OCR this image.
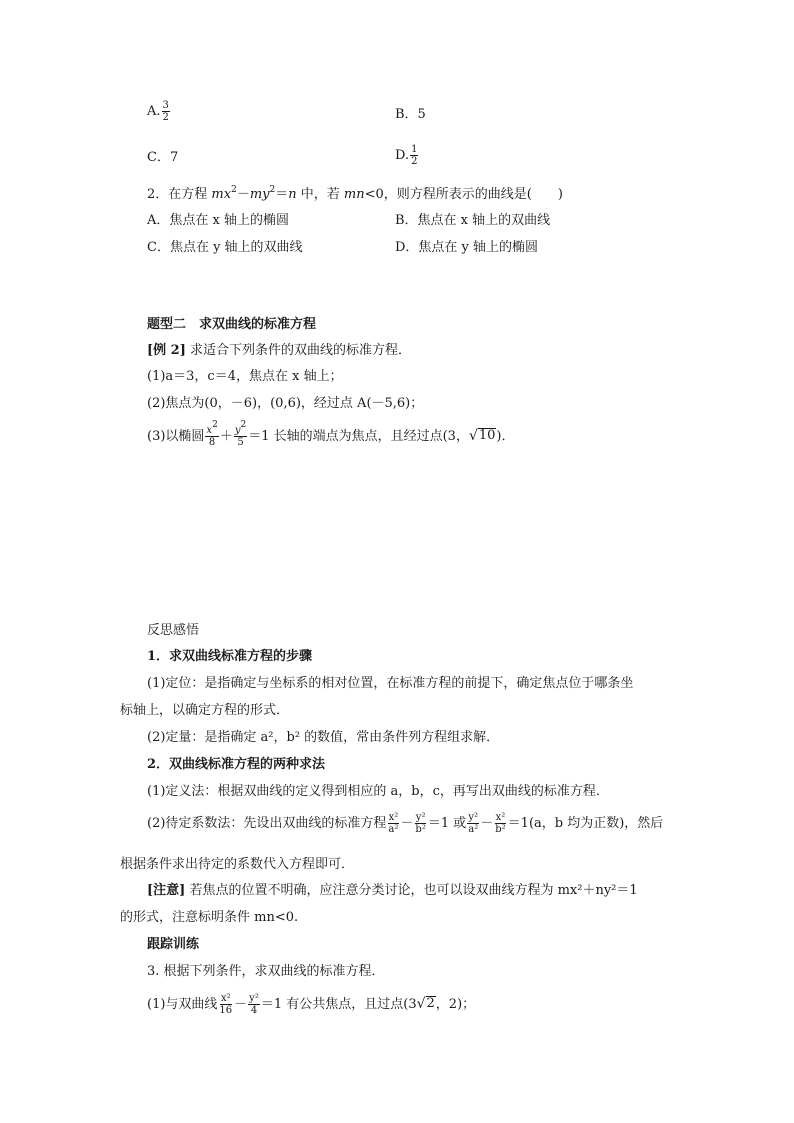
A. $\frac{3}{2}$	B．5
C．7	D. $\frac{1}{2}$
2．在方程 $mx^2-my^2=n$ 中，若 mn<0，则方程所表示的曲线是(　　)
A．焦点在 x 轴上的椭圆	B．焦点在 x 轴上的双曲线
C．焦点在 y 轴上的双曲线	D．焦点在 y 轴上的椭圆
题型二　求双曲线的标准方程
[例 2] 求适合下列条件的双曲线的标准方程．
(1)a＝3，c＝4，焦点在 x 轴上；
(2)焦点为(0，－6)，(0,6)，经过点 A(－5,6)；
(3)以椭圆 $\frac{x^2}{8} + \frac{y^2}{5} =1$ 长轴的端点为焦点，且经过点(3， √ 10 )．
反思感悟
1．求双曲线标准方程的步骤
(1)定位：是指确定与坐标系的相对位置，在标准方程的前提下，确定焦点位于哪条坐
标轴上，以确定方程的形式．
(2)定量：是指确定 a²，b² 的数值，常由条件列方程组求解．
2．双曲线标准方程的两种求法
(1)定义法：根据双曲线的定义得到相应的 a，b，c，再写出双曲线的标准方程．
(2)待定系数法：先设出双曲线的标准方程 $\frac{\text{x²}}{\text{a²}} - \frac{\text{y²}}{\text{b²}} =1$ 或 $\frac{\text{y²}}{\text{a²}} - \frac{\text{x²}}{\text{b²}} =1(a$，b 均为正数)，然后
根据条件求出待定的系数代入方程即可．
[注意] 若焦点的位置不明确，应注意分类讨论，也可以设双曲线方程为 mx²＋ny²＝1
的形式，注意标明条件 mn<0.
跟踪训练
3. 根据下列条件，求双曲线的标准方程．
(1)与双曲线 $\frac{\text{x²}}{16} - \frac{\text{y²}}{4} =1$ 有公共焦点，且过点(3 √ 2 ，2)；
